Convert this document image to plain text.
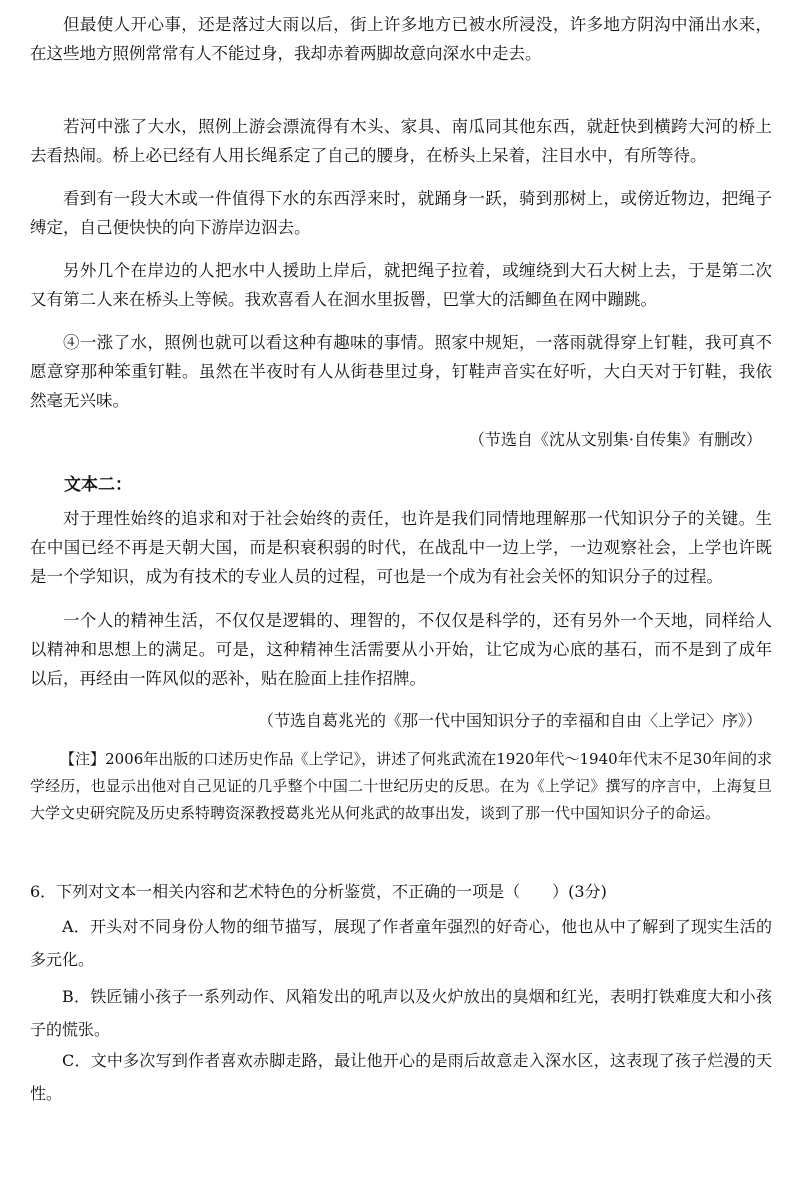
但最使人开心事，还是落过大雨以后，街上许多地方已被水所浸没，许多地方阴沟中涌出水来，在这些地方照例常常有人不能过身，我却赤着两脚故意向深水中走去。

若河中涨了大水，照例上游会漂流得有木头、家具、南瓜同其他东西，就赶快到横跨大河的桥上去看热闹。桥上必已经有人用长绳系定了自己的腰身，在桥头上呆着，注目水中，有所等待。

看到有一段大木或一件值得下水的东西浮来时，就踊身一跃，骑到那树上，或傍近物边，把绳子缚定，自己便快快的向下游岸边泅去。

另外几个在岸边的人把水中人援助上岸后，就把绳子拉着，或缠绕到大石大树上去，于是第二次又有第二人来在桥头上等候。我欢喜看人在洄水里扳罾，巴掌大的活鲫鱼在网中蹦跳。

④一涨了水，照例也就可以看这种有趣味的事情。照家中规矩，一落雨就得穿上钉鞋，我可真不愿意穿那种笨重钉鞋。虽然在半夜时有人从街巷里过身，钉鞋声音实在好听，大白天对于钉鞋，我依然毫无兴味。

（节选自《沈从文别集·自传集》有删改）

文本二：

对于理性始终的追求和对于社会始终的责任，也许是我们同情地理解那一代知识分子的关键。生在中国已经不再是天朝大国，而是积衰积弱的时代，在战乱中一边上学，一边观察社会，上学也许既是一个学知识，成为有技术的专业人员的过程，可也是一个成为有社会关怀的知识分子的过程。

一个人的精神生活，不仅仅是逻辑的、理智的，不仅仅是科学的，还有另外一个天地，同样给人以精神和思想上的满足。可是，这种精神生活需要从小开始，让它成为心底的基石，而不是到了成年以后，再经由一阵风似的恶补，贴在脸面上挂作招牌。

（节选自葛兆光的《那一代中国知识分子的幸福和自由〈上学记〉序》）

【注】2006年出版的口述历史作品《上学记》，讲述了何兆武流在1920年代～1940年代末不足30年间的求学经历，也显示出他对自己见证的几乎整个中国二十世纪历史的反思。在为《上学记》撰写的序言中，上海复旦大学文史研究院及历史系特聘资深教授葛兆光从何兆武的故事出发，谈到了那一代中国知识分子的命运。

6．下列对文本一相关内容和艺术特色的分析鉴赏，不正确的一项是（　　）(3分)

A．开头对不同身份人物的细节描写，展现了作者童年强烈的好奇心，他也从中了解到了现实生活的多元化。

B．铁匠铺小孩子一系列动作、风箱发出的吼声以及火炉放出的臭烟和红光，表明打铁难度大和小孩子的慌张。

C．文中多次写到作者喜欢赤脚走路，最让他开心的是雨后故意走入深水区，这表现了孩子烂漫的天性。
